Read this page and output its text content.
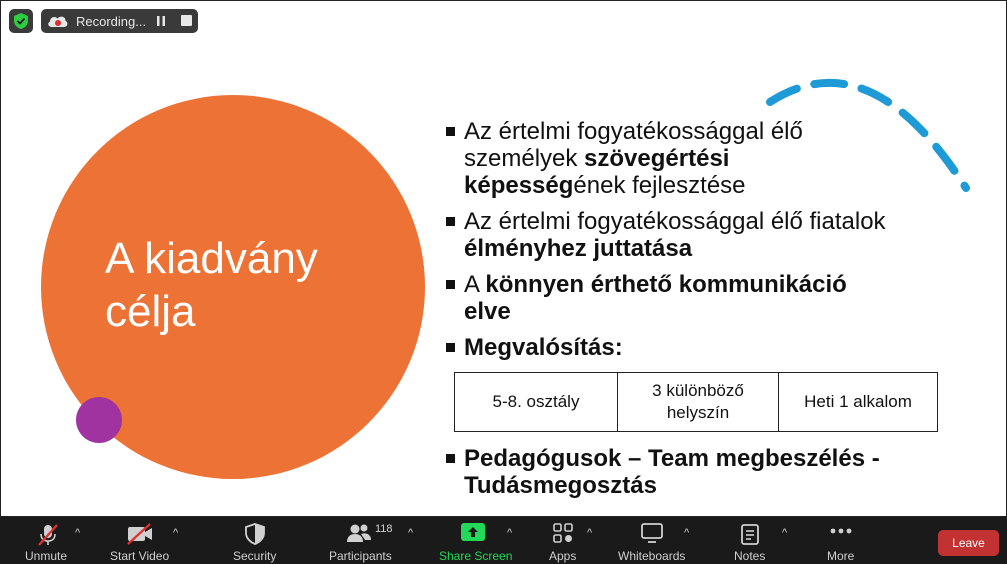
A kiadvány
célja
Az értelmi fogyatékossággal élő
személyek szövegértési
képességének fejlesztése
Az értelmi fogyatékossággal élő fiatalok
élményhez juttatása
A könnyen érthető kommunikáció
elve
Megvalósítás:
5-8. osztály	3 különböző helyszín	Heti 1 alkalom
Pedagógusok – Team megbeszélés -
Tudásmegosztás
Recording...
Unmute
^
Start Video
^
Security
118
Participants
^
Share Screen
^
Apps
^
Whiteboards
^
Notes
^
More
Leave
